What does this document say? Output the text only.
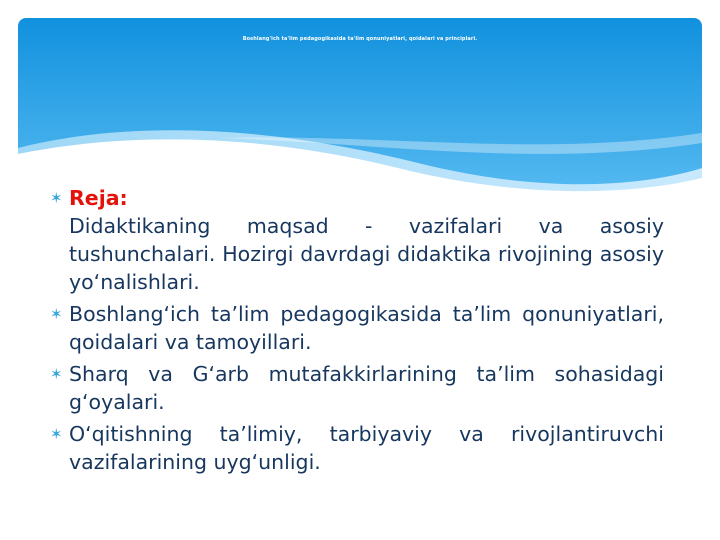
Boshlang'ich ta'lim pedagogikasida ta'lim qonuniyatlari, qoidalari va principlari.
✶ Reja:
Didaktikaning maqsad - vazifalari va asosiy tushunchalari. Hozirgi davrdagi didaktika rivojining asosiy yo‘nalishlari.
✶ Boshlang‘ich ta’lim pedagogikasida ta’lim qonuniyatlari, qoidalari va tamoyillari.
✶ Sharq va G‘arb mutafakkirlarining ta’lim sohasidagi g‘oyalari.
✶ O‘qitishning ta’limiy, tarbiyaviy va rivojlantiruvchi vazifalarining uyg‘unligi.
